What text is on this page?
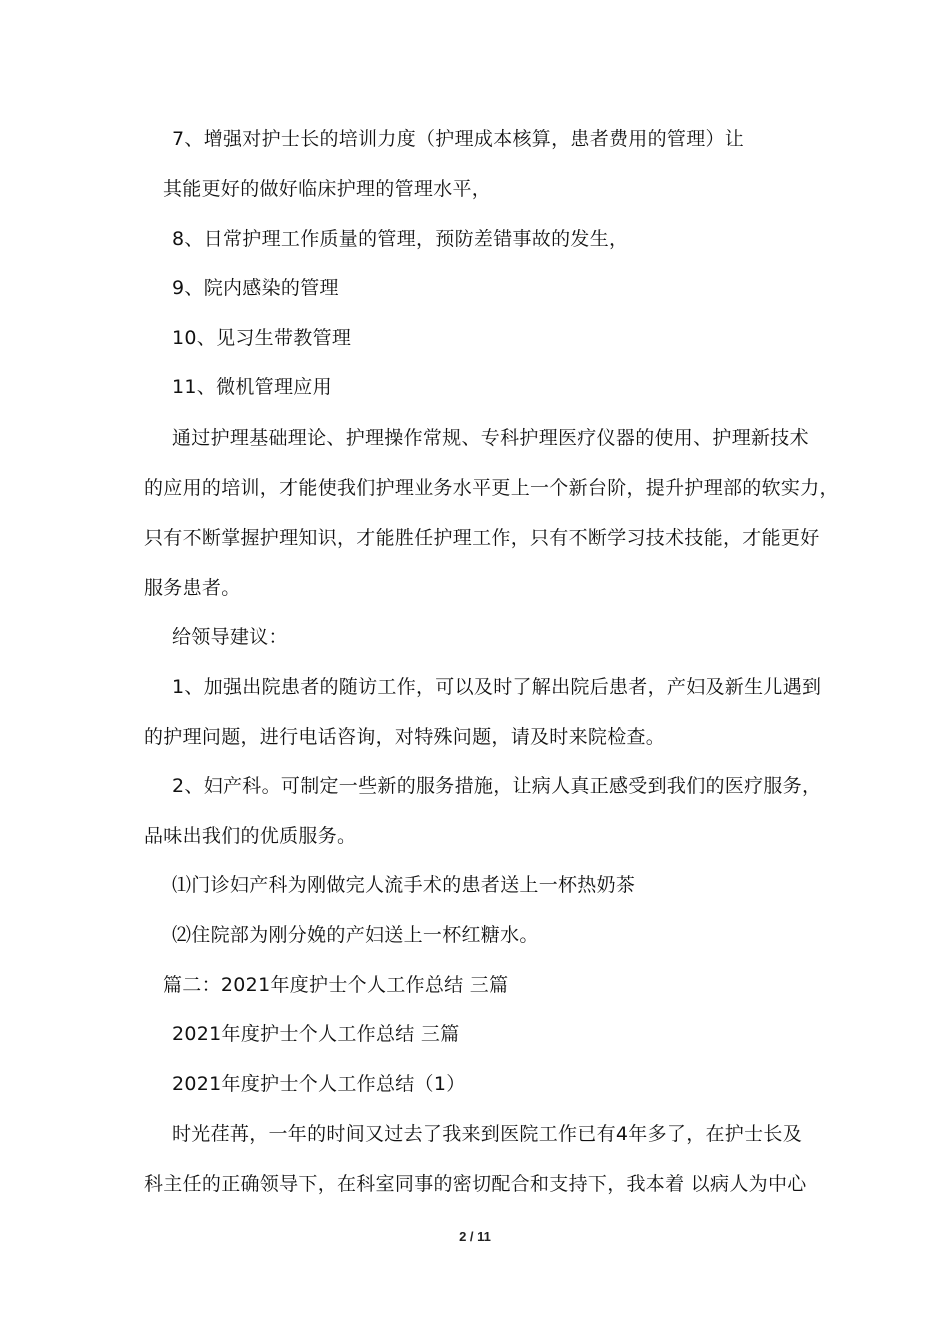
7、增强对护士长的培训力度（护理成本核算，患者费用的管理）让
其能更好的做好临床护理的管理水平，
8、日常护理工作质量的管理，预防差错事故的发生，
9、院内感染的管理
10、见习生带教管理
11、微机管理应用
通过护理基础理论、护理操作常规、专科护理医疗仪器的使用、护理新技术
的应用的培训，才能使我们护理业务水平更上一个新台阶，提升护理部的软实力，
只有不断掌握护理知识，才能胜任护理工作，只有不断学习技术技能，才能更好
服务患者。
给领导建议：
1、加强出院患者的随访工作，可以及时了解出院后患者，产妇及新生儿遇到
的护理问题，进行电话咨询，对特殊问题，请及时来院检查。
2、妇产科。可制定一些新的服务措施，让病人真正感受到我们的医疗服务，
品味出我们的优质服务。
⑴门诊妇产科为刚做完人流手术的患者送上一杯热奶茶
⑵住院部为刚分娩的产妇送上一杯红糖水。
篇二：2021年度护士个人工作总结 三篇
2021年度护士个人工作总结 三篇
2021年度护士个人工作总结（1）
时光荏苒，一年的时间又过去了我来到医院工作已有4年多了，在护士长及
科主任的正确领导下，在科室同事的密切配合和支持下，我本着 以病人为中心
2 / 11
